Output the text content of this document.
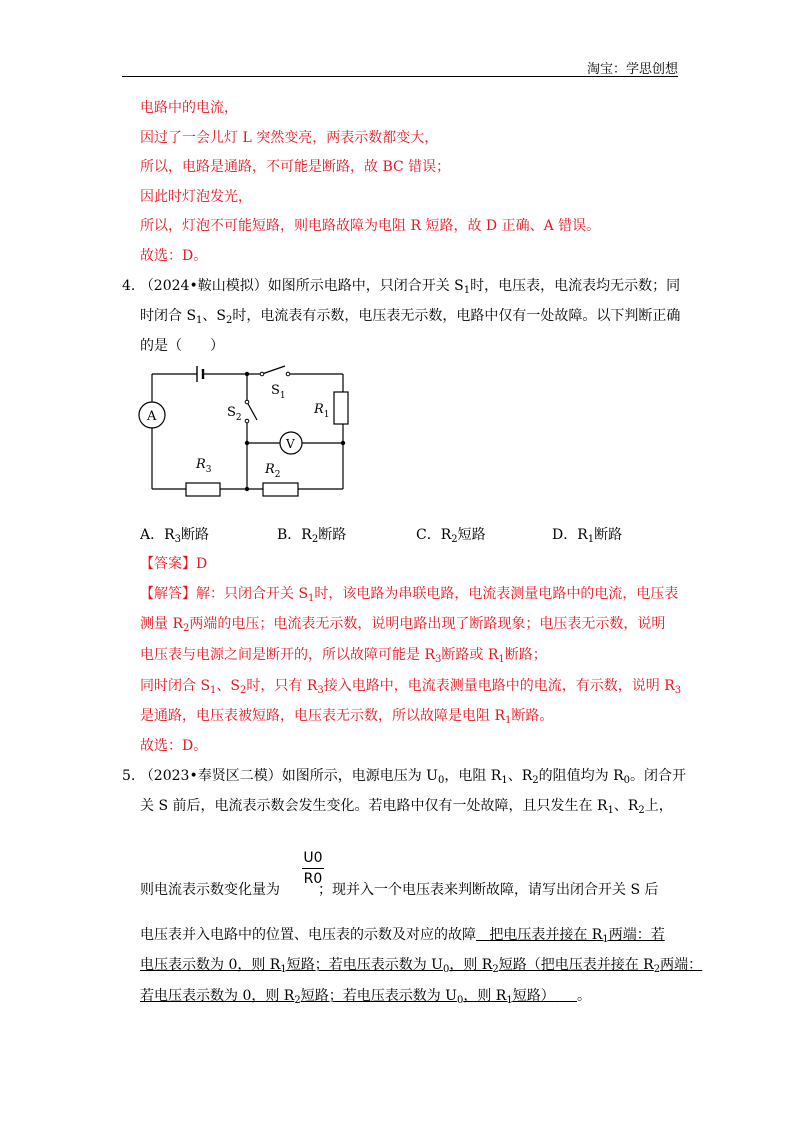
淘宝：学思创想
电路中的电流，
因过了一会儿灯 L 突然变亮，两表示数都变大，
所以，电路是通路，不可能是断路，故 BC 错误；
因此时灯泡发光，
所以，灯泡不可能短路，则电路故障为电阻 R 短路，故 D 正确、A 错误。
故选：D。
4. （2024•鞍山模拟）如图所示电路中，只闭合开关 $S_1$时，电压表，电流表均无示数；同
时闭合 $S_1$、$S_2$时，电流表有示数，电压表无示数，电路中仅有一处故障。以下判断正确
的是（　　）
A
V
$S_1$
$S_2$
$R_1$
$R_3$	$R_2$
A．$R_3$断路	B．$R_2$断路	C．$R_2$短路	D．$R_1$断路
【答案】D
【解答】解：只闭合开关 $S_1$时，该电路为串联电路，电流表测量电路中的电流，电压表
测量 $R_2$两端的电压；电流表无示数，说明电路出现了断路现象；电压表无示数，说明
电压表与电源之间是断开的，所以故障可能是 $R_3$断路或 $R_1$断路；
同时闭合 $S_1$、$S_2$时，只有 $R_3$接入电路中，电流表测量电路中的电流，有示数，说明 $R_3$
是通路，电压表被短路，电压表无示数，所以故障是电阻 $R_1$断路。
故选：D。
5. （2023•奉贤区二模）如图所示，电源电压为 $U_0$，电阻 $R_1$、$R_2$的阻值均为 $R_0$。闭合开
关 S 前后，电流表示数会发生变化。若电路中仅有一处故障，且只发生在 $R_1$、$R_2$上，
U0
R0
则电流表示数变化量为	；现并入一个电压表来判断故障，请写出闭合开关 S 后
电压表并入电路中的位置、电压表的示数及对应的故障 把电压表并接在 $R_1$两端：若
电压表示数为 0，则 $R_1$短路；若电压表示数为 $U_0$，则 $R_2$短路（把电压表并接在 $R_2$两端：
若电压表示数为 0，则 $R_2$短路；若电压表示数为 $U_0$，则 $R_1$短路） 。
